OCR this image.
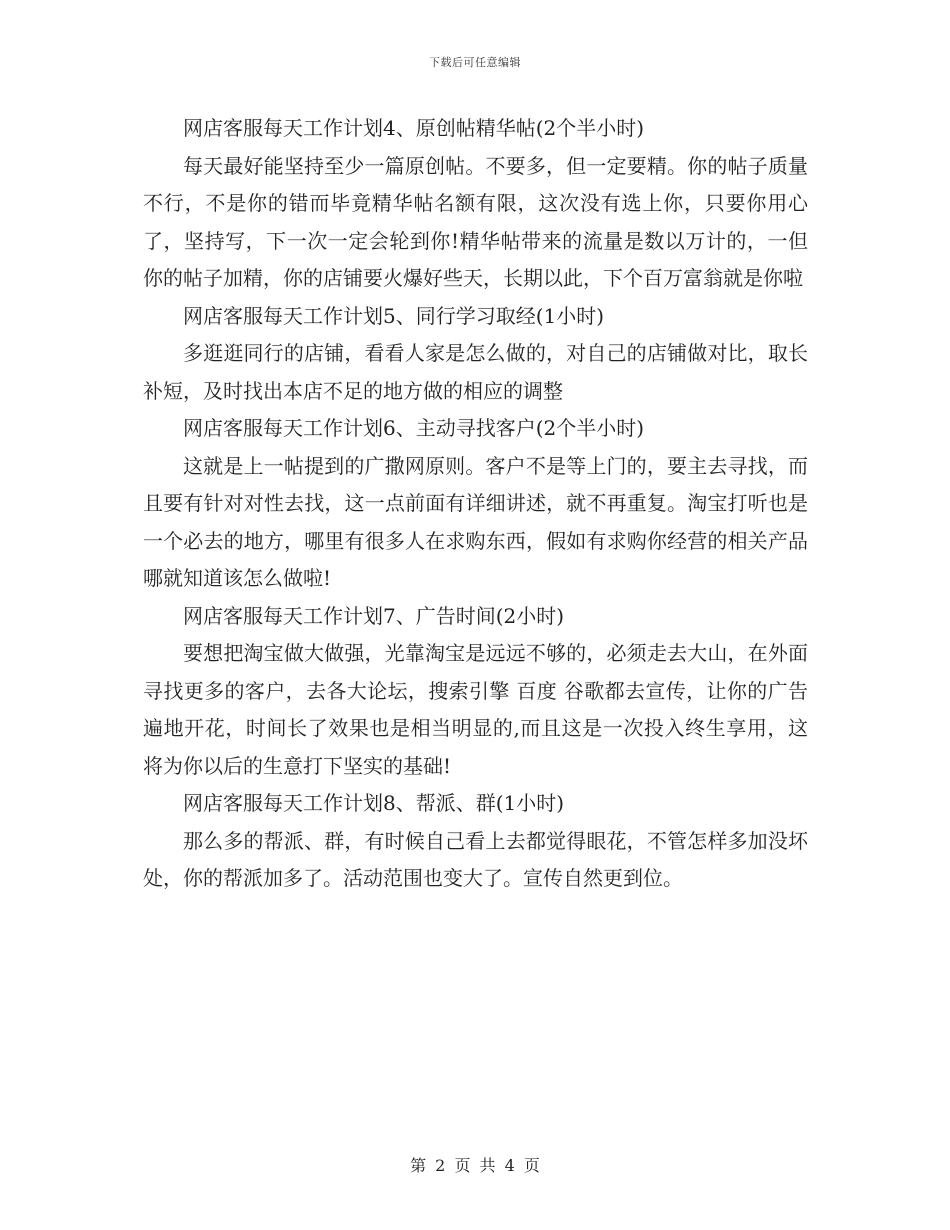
下载后可任意编辑

网店客服每天工作计划4、原创帖精华帖(2个半小时)

每天最好能坚持至少一篇原创帖。不要多，但一定要精。你的帖子质量不行，不是你的错而毕竟精华帖名额有限，这次没有选上你，只要你用心了，坚持写，下一次一定会轮到你!精华帖带来的流量是数以万计的，一但你的帖子加精，你的店铺要火爆好些天，长期以此，下个百万富翁就是你啦

网店客服每天工作计划5、同行学习取经(1小时)

多逛逛同行的店铺，看看人家是怎么做的，对自己的店铺做对比，取长补短，及时找出本店不足的地方做的相应的调整

网店客服每天工作计划6、主动寻找客户(2个半小时)

这就是上一帖提到的广撒网原则。客户不是等上门的，要主去寻找，而且要有针对对性去找，这一点前面有详细讲述，就不再重复。淘宝打听也是一个必去的地方，哪里有很多人在求购东西，假如有求购你经营的相关产品哪就知道该怎么做啦!

网店客服每天工作计划7、广告时间(2小时)

要想把淘宝做大做强，光靠淘宝是远远不够的，必须走去大山，在外面寻找更多的客户，去各大论坛，搜索引擎 百度 谷歌都去宣传，让你的广告遍地开花，时间长了效果也是相当明显的,而且这是一次投入终生享用，这将为你以后的生意打下坚实的基础!

网店客服每天工作计划8、帮派、群(1小时)

那么多的帮派、群，有时候自己看上去都觉得眼花，不管怎样多加没坏处，你的帮派加多了。活动范围也变大了。宣传自然更到位。

第 2 页 共 4 页
